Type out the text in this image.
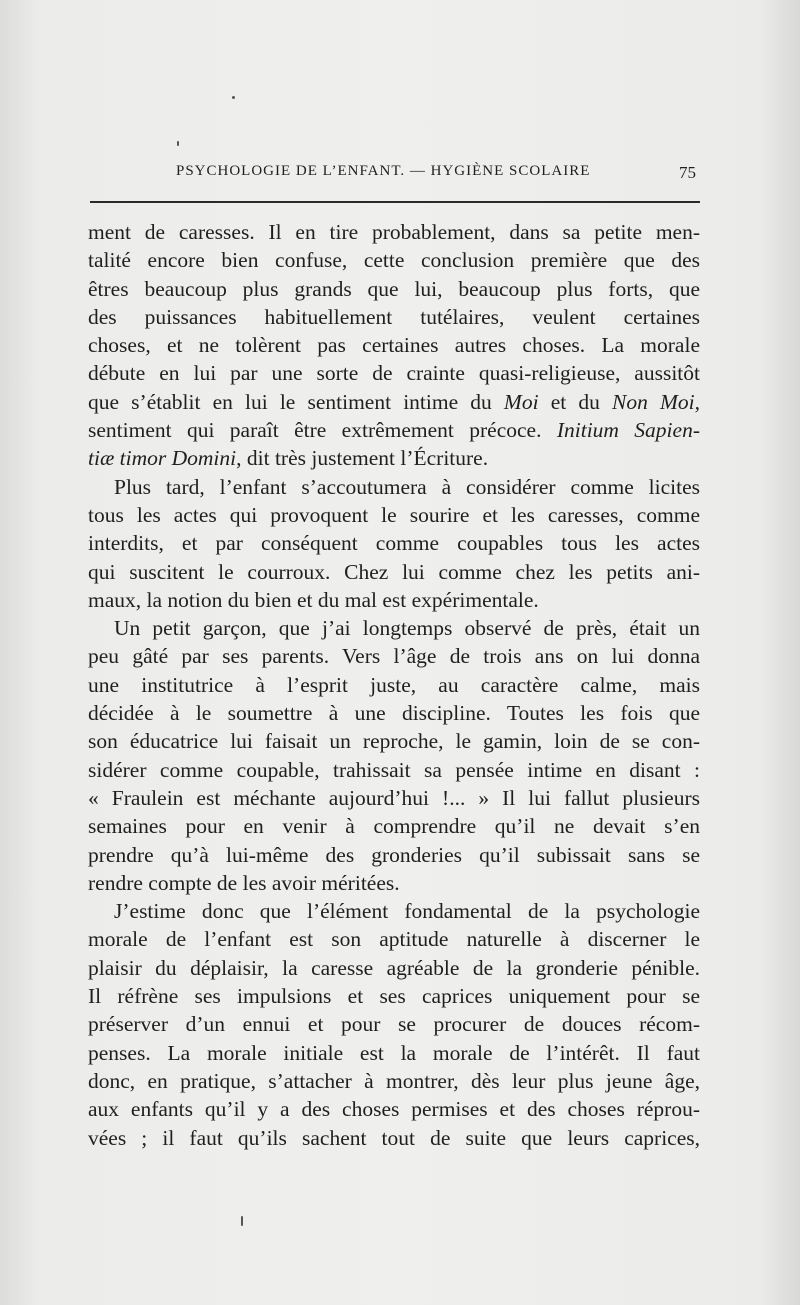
PSYCHOLOGIE DE L’ENFANT. — HYGIÈNE SCOLAIRE	75
ment de caresses. Il en tire probablement, dans sa petite men-
talité encore bien confuse, cette conclusion première que des
êtres beaucoup plus grands que lui, beaucoup plus forts, que
des puissances habituellement tutélaires, veulent certaines
choses, et ne tolèrent pas certaines autres choses. La morale
débute en lui par une sorte de crainte quasi-religieuse, aussitôt
que s’établit en lui le sentiment intime du Moi et du Non Moi,
sentiment qui paraît être extrêmement précoce. Initium Sapien-
tiæ timor Domini, dit très justement l’Écriture.
Plus tard, l’enfant s’accoutumera à considérer comme licites
tous les actes qui provoquent le sourire et les caresses, comme
interdits, et par conséquent comme coupables tous les actes
qui suscitent le courroux. Chez lui comme chez les petits ani-
maux, la notion du bien et du mal est expérimentale.
Un petit garçon, que j’ai longtemps observé de près, était un
peu gâté par ses parents. Vers l’âge de trois ans on lui donna
une institutrice à l’esprit juste, au caractère calme, mais
décidée à le soumettre à une discipline. Toutes les fois que
son éducatrice lui faisait un reproche, le gamin, loin de se con-
sidérer comme coupable, trahissait sa pensée intime en disant :
« Fraulein est méchante aujourd’hui !... » Il lui fallut plusieurs
semaines pour en venir à comprendre qu’il ne devait s’en
prendre qu’à lui-même des gronderies qu’il subissait sans se
rendre compte de les avoir méritées.
J’estime donc que l’élément fondamental de la psychologie
morale de l’enfant est son aptitude naturelle à discerner le
plaisir du déplaisir, la caresse agréable de la gronderie pénible.
Il réfrène ses impulsions et ses caprices uniquement pour se
préserver d’un ennui et pour se procurer de douces récom-
penses. La morale initiale est la morale de l’intérêt. Il faut
donc, en pratique, s’attacher à montrer, dès leur plus jeune âge,
aux enfants qu’il y a des choses permises et des choses réprou-
vées ; il faut qu’ils sachent tout de suite que leurs caprices,
